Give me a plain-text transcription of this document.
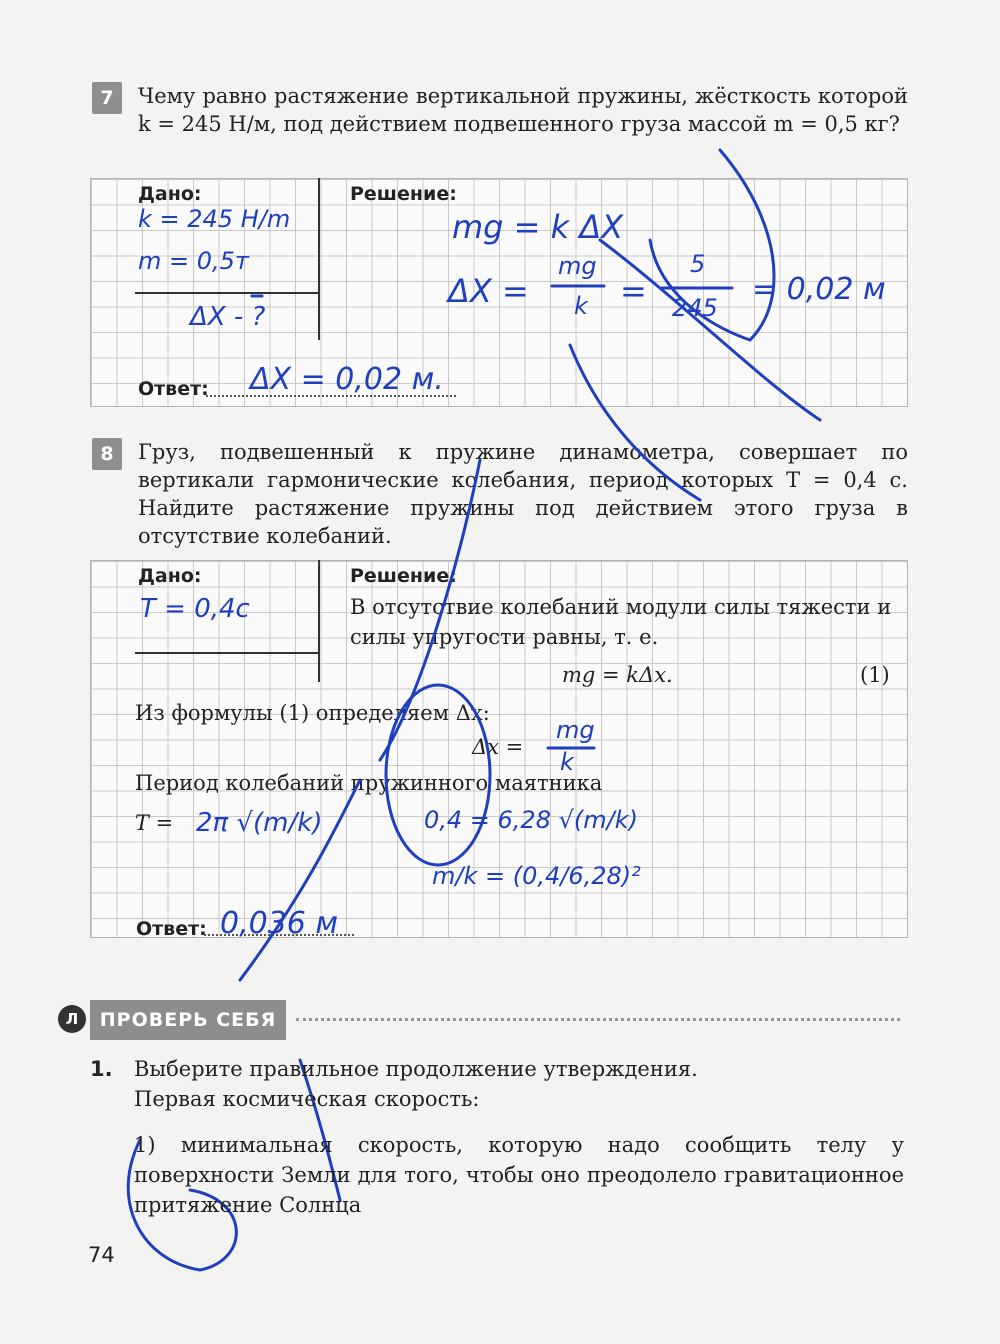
7	Чему равно растяжение вертикальной пружины, жёсткость которой k = 245 Н/м, под действием подвешенного груза массой m = 0,5 кг?
Дано:	Решение:
Ответ:
k = 245 H/m
m = 0,5т
ΔX - ?
mg = k ΔX
ΔX =
mg
k =
5
245
= 0,02 м
ΔX = 0,02 м.
8	Груз, подвешенный к пружине динамометра, совершает по вертикали гармонические колебания, период которых T = 0,4 с. Найдите растяжение пружины под действием этого груза в отсутствие колебаний.
Дано:	Решение:
В отсутствие колебаний модули силы тяжести и силы упругости равны, т. е.
mg = kΔx.	(1)
Из формулы (1) определяем Δx:
Δx =
Период колебаний пружинного маятника
T =
Ответ:
T = 0,4c
mg
k
2π √(m/k)	0,4 = 6,28 √(m/k)
m/k = (0,4/6,28)²
0,036 м
Л	ПРОВЕРЬ СЕБЯ
1. Выберите правильное продолжение утверждения.
Первая космическая скорость:
1) минимальная скорость, которую надо сообщить телу у поверхности Земли для того, чтобы оно преодолело гравитационное притяжение Солнца
74
